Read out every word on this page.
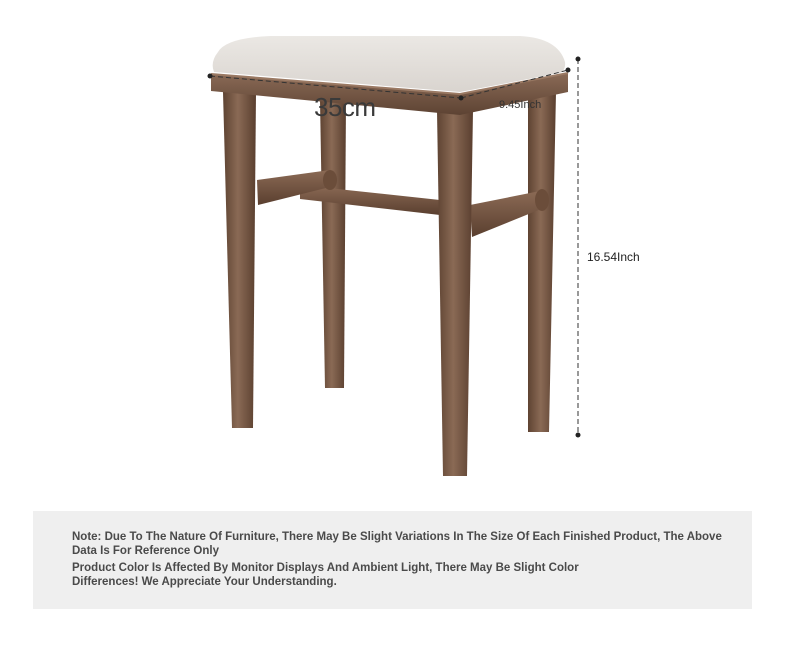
35cm	9.45Inch
16.54Inch
Note: Due To The Nature Of Furniture, There May Be Slight Variations In The Size Of Each Finished Product, The Above Data Is For Reference Only
Product Color Is Affected By Monitor Displays And Ambient Light, There May Be Slight Color Differences! We Appreciate Your Understanding.
